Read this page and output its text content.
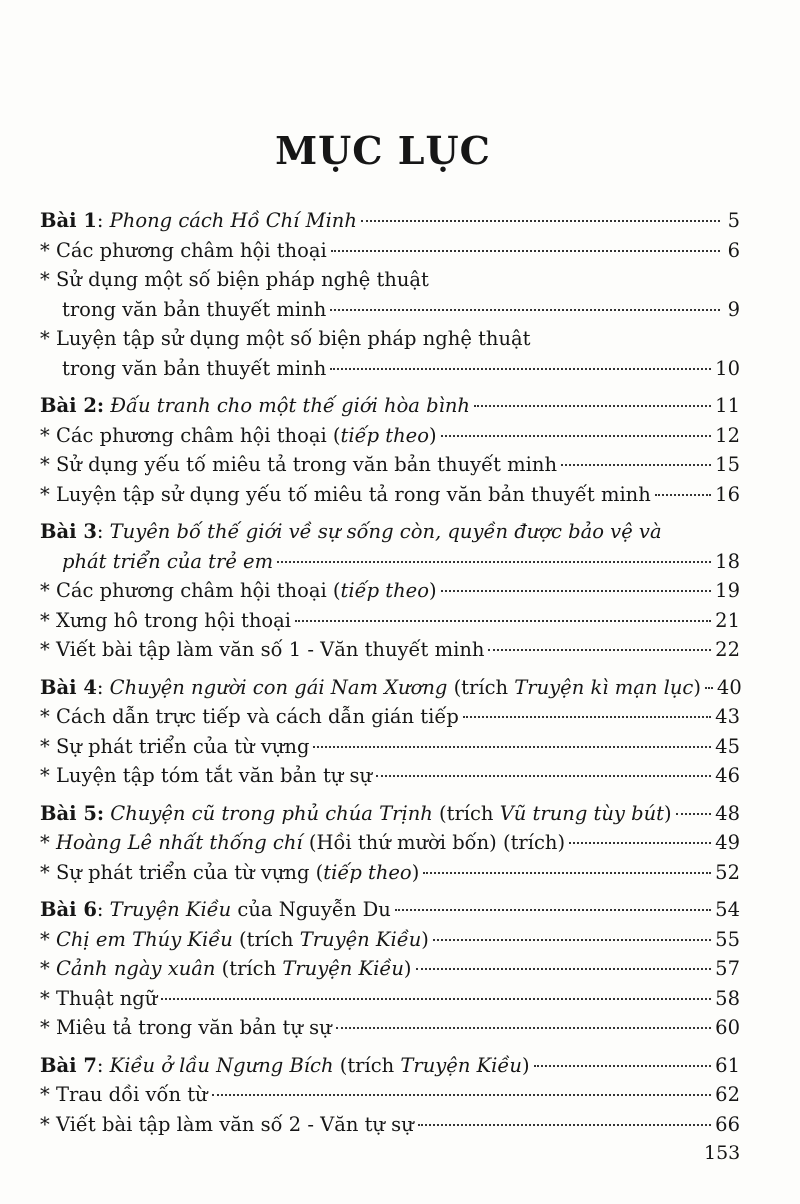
MỤC LỤC
Bài 1: Phong cách Hồ Chí Minh	5
* Các phương châm hội thoại	6
* Sử dụng một số biện pháp nghệ thuật
trong văn bản thuyết minh	9
* Luyện tập sử dụng một số biện pháp nghệ thuật
trong văn bản thuyết minh	10
Bài 2: Đấu tranh cho một thế giới hòa bình	11
* Các phương châm hội thoại (tiếp theo)	12
* Sử dụng yếu tố miêu tả trong văn bản thuyết minh	15
* Luyện tập sử dụng yếu tố miêu tả rong văn bản thuyết minh	16
Bài 3: Tuyên bố thế giới về sự sống còn, quyền được bảo vệ và
phát triển của trẻ em	18
* Các phương châm hội thoại (tiếp theo)	19
* Xưng hô trong hội thoại	21
* Viết bài tập làm văn số 1 - Văn thuyết minh	22
Bài 4: Chuyện người con gái Nam Xương (trích Truyện kì mạn lục) 40
* Cách dẫn trực tiếp và cách dẫn gián tiếp	43
* Sự phát triển của từ vựng	45
* Luyện tập tóm tắt văn bản tự sự	46
Bài 5: Chuyện cũ trong phủ chúa Trịnh (trích Vũ trung tùy bút) 48
* Hoàng Lê nhất thống chí (Hồi thứ mười bốn) (trích)	49
* Sự phát triển của từ vựng (tiếp theo)	52
Bài 6: Truyện Kiều của Nguyễn Du	54
* Chị em Thúy Kiều (trích Truyện Kiều)	55
* Cảnh ngày xuân (trích Truyện Kiều)	57
* Thuật ngữ	58
* Miêu tả trong văn bản tự sự	60
Bài 7: Kiều ở lầu Ngưng Bích (trích Truyện Kiều)	61
* Trau dồi vốn từ	62
* Viết bài tập làm văn số 2 - Văn tự sự	66
153
